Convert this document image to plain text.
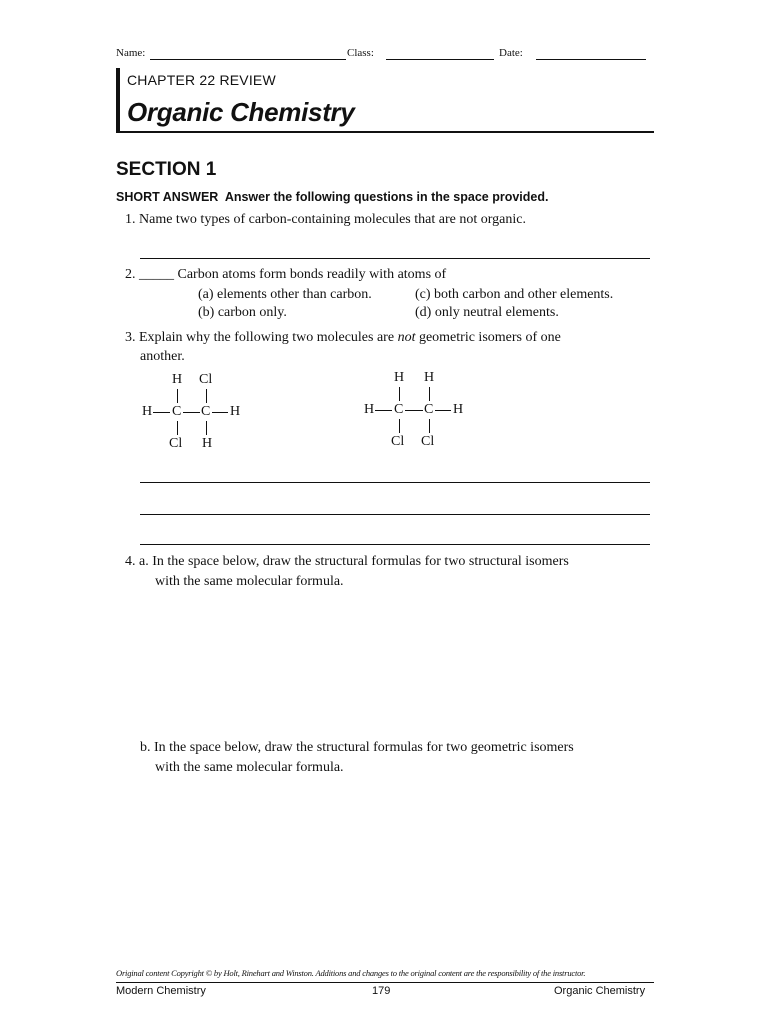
Name:	Class:	Date:
CHAPTER 22 REVIEW
Organic Chemistry
SECTION 1
SHORT ANSWER Answer the following questions in the space provided.
1. Name two types of carbon-containing molecules that are not organic.
2. _____ Carbon atoms form bonds readily with atoms of
(a) elements other than carbon.	(c) both carbon and other elements.
(b) carbon only.	(d) only neutral elements.
3. Explain why the following two molecules are not geometric isomers of one
another.
H Cl
H C C H
Cl H
H H
H C C H
Cl Cl
4. a. In the space below, draw the structural formulas for two structural isomers
with the same molecular formula.
b. In the space below, draw the structural formulas for two geometric isomers
with the same molecular formula.
Original content Copyright © by Holt, Rinehart and Winston. Additions and changes to the original content are the responsibility of the instructor.
Modern Chemistry	179	Organic Chemistry
